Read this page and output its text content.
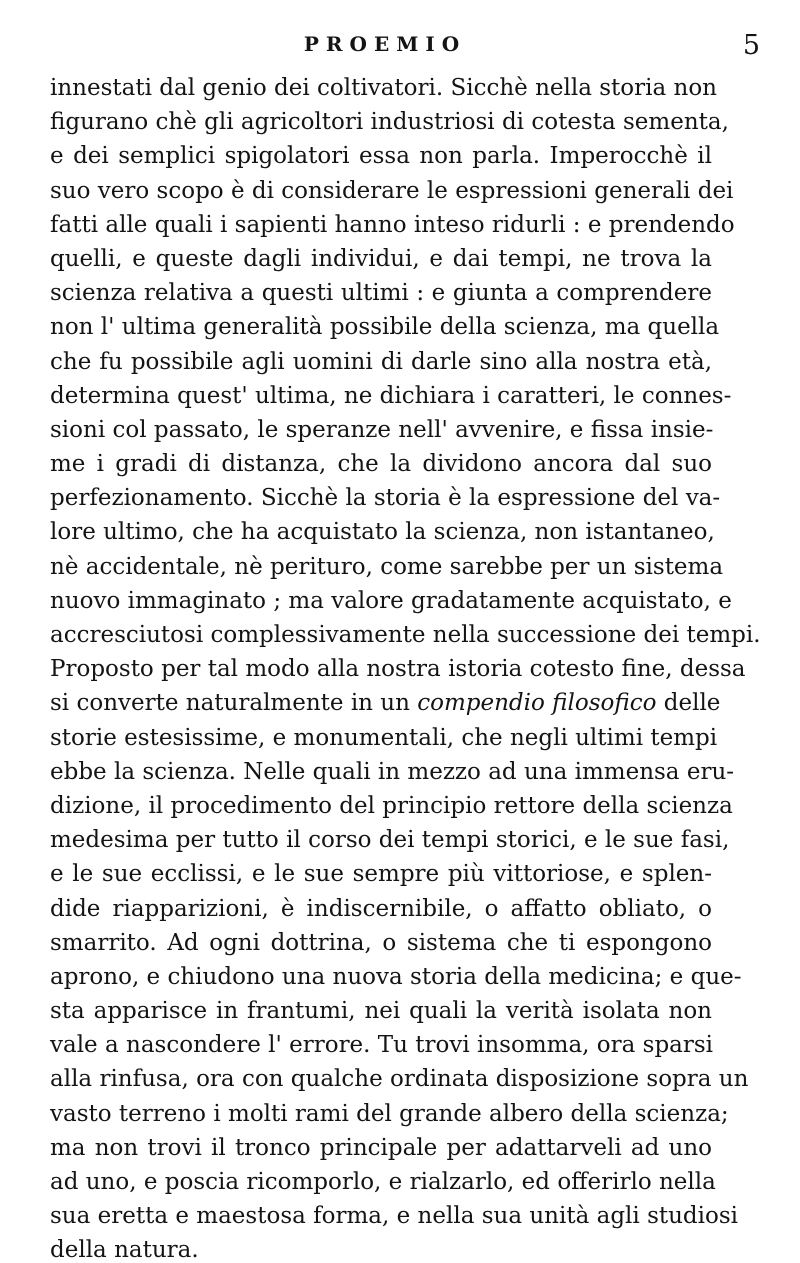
PROEMIO	5
innestati dal genio dei coltivatori. Sicchè nella storia non
figurano chè gli agricoltori industriosi di cotesta sementa,
e dei semplici spigolatori essa non parla. Imperocchè il
suo vero scopo è di considerare le espressioni generali dei
fatti alle quali i sapienti hanno inteso ridurli : e prendendo
quelli, e queste dagli individui, e dai tempi, ne trova la
scienza relativa a questi ultimi : e giunta a comprendere
non l' ultima generalità possibile della scienza, ma quella
che fu possibile agli uomini di darle sino alla nostra età,
determina quest' ultima, ne dichiara i caratteri, le connes-
sioni col passato, le speranze nell' avvenire, e fissa insie-
me i gradi di distanza, che la dividono ancora dal suo
perfezionamento. Sicchè la storia è la espressione del va-
lore ultimo, che ha acquistato la scienza, non istantaneo,
nè accidentale, nè perituro, come sarebbe per un sistema
nuovo immaginato ; ma valore gradatamente acquistato, e
accresciutosi complessivamente nella successione dei tempi.
Proposto per tal modo alla nostra istoria cotesto fine, dessa
si converte naturalmente in un compendio filosofico delle
storie estesissime, e monumentali, che negli ultimi tempi
ebbe la scienza. Nelle quali in mezzo ad una immensa eru-
dizione, il procedimento del principio rettore della scienza
medesima per tutto il corso dei tempi storici, e le sue fasi,
e le sue ecclissi, e le sue sempre più vittoriose, e splen-
dide riapparizioni, è indiscernibile, o affatto obliato, o
smarrito. Ad ogni dottrina, o sistema che ti espongono
aprono, e chiudono una nuova storia della medicina; e que-
sta apparisce in frantumi, nei quali la verità isolata non
vale a nascondere l' errore. Tu trovi insomma, ora sparsi
alla rinfusa, ora con qualche ordinata disposizione sopra un
vasto terreno i molti rami del grande albero della scienza;
ma non trovi il tronco principale per adattarveli ad uno
ad uno, e poscia ricomporlo, e rialzarlo, ed offerirlo nella
sua eretta e maestosa forma, e nella sua unità agli studiosi
della natura.
